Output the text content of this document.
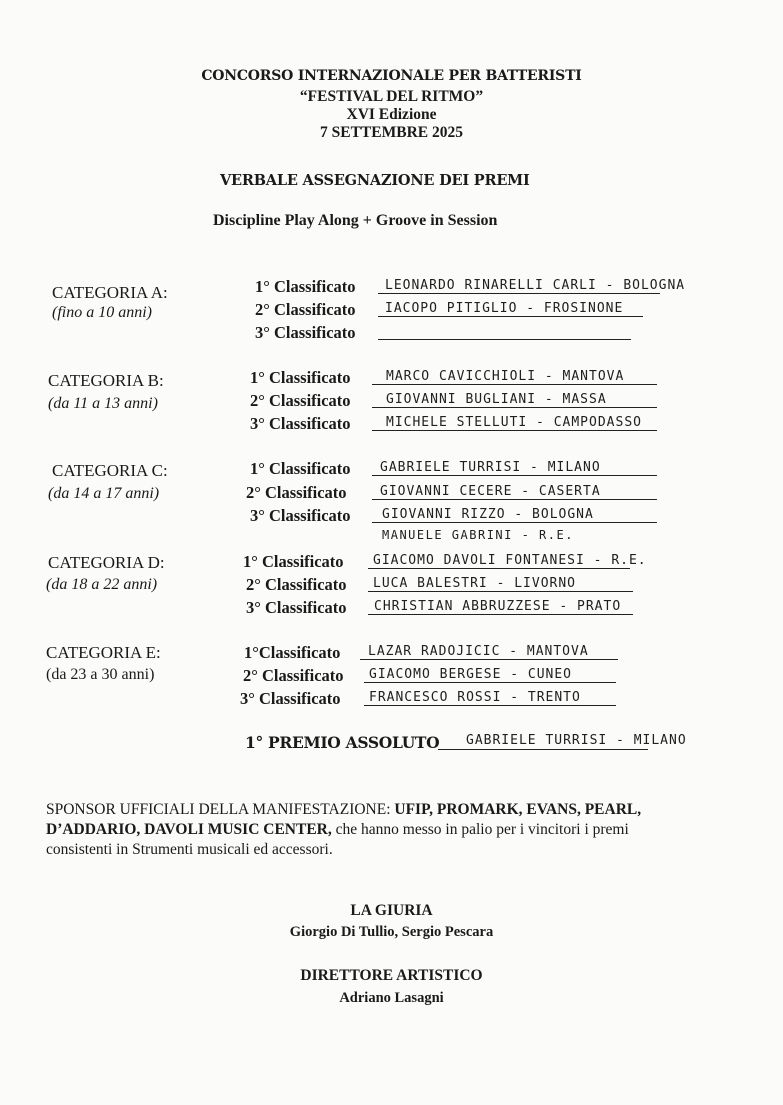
CONCORSO INTERNAZIONALE PER BATTERISTI
“FESTIVAL DEL RITMO”
XVI Edizione
7 SETTEMBRE 2025
VERBALE ASSEGNAZIONE DEI PREMI
Discipline Play Along + Groove in Session
CATEGORIA A:
(fino a 10 anni)
1° Classificato LEONARDO RINARELLI CARLI - BOLOGNA
2° Classificato IACOPO PITIGLIO - FROSINONE
3° Classificato
CATEGORIA B:
(da 11 a 13 anni)
1° Classificato	MARCO CAVICCHIOLI - MANTOVA
2° Classificato	GIOVANNI BUGLIANI - MASSA
3° Classificato	MICHELE STELLUTI - CAMPODASSO
CATEGORIA C:
(da 14 a 17 anni)
1° Classificato GABRIELE TURRISI - MILANO
2° Classificato	GIOVANNI CECERE - CASERTA
3° Classificato GIOVANNI RIZZO - BOLOGNA
MANUELE GABRINI - R.E.
CATEGORIA D:
(da 18 a 22 anni)
1° Classificato GIACOMO DAVOLI FONTANESI - R.E.
2° Classificato LUCA BALESTRI - LIVORNO
3° Classificato CHRISTIAN ABBRUZZESE - PRATO
CATEGORIA E:
(da 23 a 30 anni)
1°Classificato LAZAR RADOJICIC - MANTOVA
2° Classificato GIACOMO BERGESE - CUNEO
3° Classificato FRANCESCO ROSSI - TRENTO
1° PREMIO ASSOLUTO GABRIELE TURRISI - MILANO
SPONSOR UFFICIALI DELLA MANIFESTAZIONE: UFIP, PROMARK, EVANS, PEARL,
D’ADDARIO, DAVOLI MUSIC CENTER, che hanno messo in palio per i vincitori i premi
consistenti in Strumenti musicali ed accessori.
LA GIURIA
Giorgio Di Tullio, Sergio Pescara
DIRETTORE ARTISTICO
Adriano Lasagni
